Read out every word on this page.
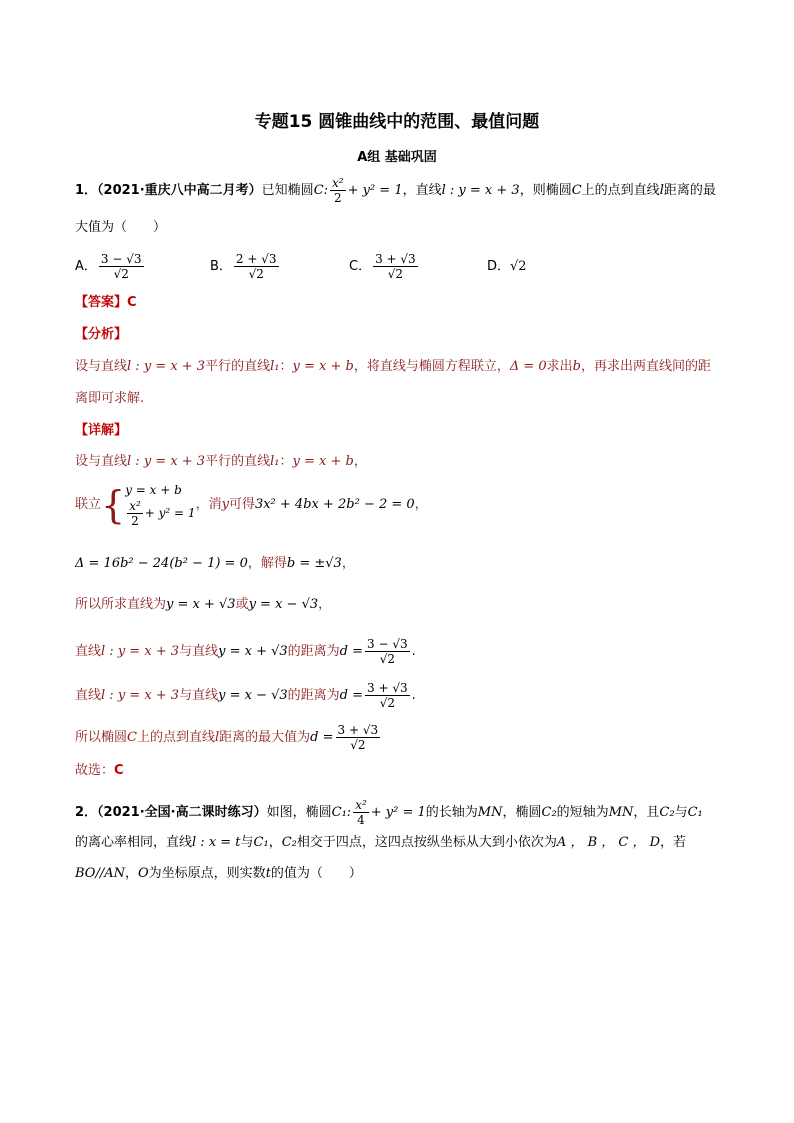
专题15 圆锥曲线中的范围、最值问题
A组 基础巩固
1．（2021·重庆八中高二月考）已知椭圆C: $\frac{\text{x²}}{2} + y^2 = 1$，直线l : y = x + 3，则椭圆C上的点到直线l距离的最
大值为（　　）
A． $\frac{3 - √3}{√2}$	B． $\frac{2 + √3}{√2}$	C． $\frac{3 + √3}{√2}$	D．√2
【答案】C
【分析】
设与直线l : y = x + 3平行的直线l₁：y = x + b，将直线与椭圆方程联立，Δ = 0求出b，再求出两直线间的距
离即可求解.
【详解】
设与直线l : y = x + 3平行的直线l₁：y = x + b，
联立{ y = x + b
$\frac{\text{x²}}{2} + y^2 = 1$
，消y可得3x² + 4bx + 2b² − 2 = 0，
Δ = 16b² − 24(b² − 1) = 0，解得b = ±√3，
所以所求直线为y = x + √3或y = x − √3，
直线l : y = x + 3与直线y = x + √3的距离为$d = \frac{3 - √3}{√2}$ .
直线l : y = x + 3与直线y = x − √3的距离为$d = \frac{3 + √3}{√2}$ .
所以椭圆C上的点到直线l距离的最大值为$d = \frac{3 + √3}{√2}$
故选：C
2．（2021·全国·高二课时练习）如图，椭圆C₁: $\frac{\text{x²}}{4} + y^2 = 1$的长轴为MN，椭圆C₂的短轴为MN，且C₂与C₁
的离心率相同，直线l : x = t与C₁，C₂相交于四点，这四点按纵坐标从大到小依次为A ， B ， C ， D，若
BO//AN，O为坐标原点，则实数t的值为（　　）
